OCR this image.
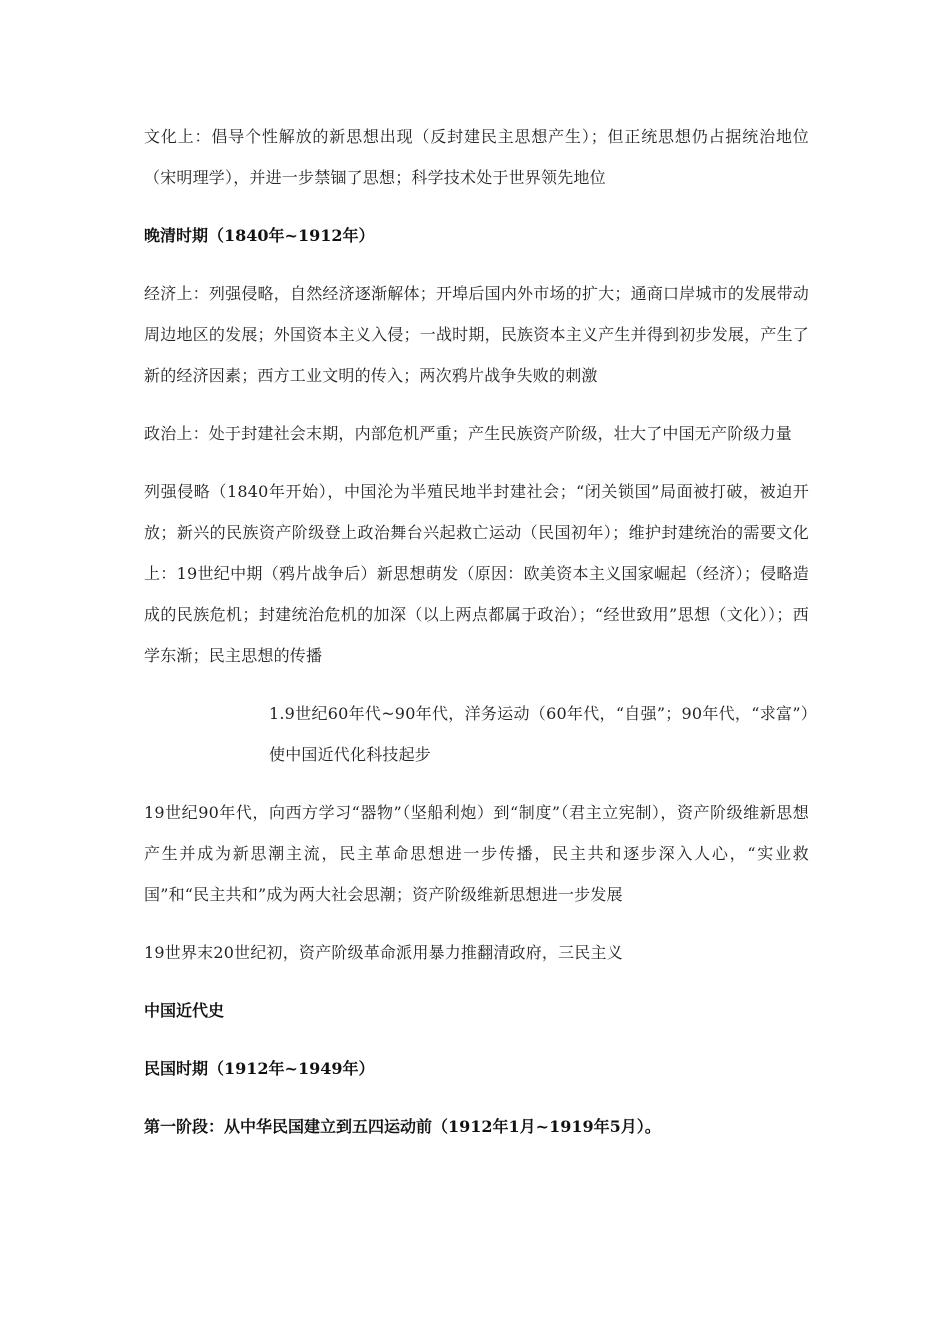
文化上：倡导个性解放的新思想出现（反封建民主思想产生）；但正统思想仍占据统治地位（宋明理学），并进一步禁锢了思想；科学技术处于世界领先地位

晚清时期（1840年~1912年）

经济上：列强侵略，自然经济逐渐解体；开埠后国内外市场的扩大；通商口岸城市的发展带动周边地区的发展；外国资本主义入侵；一战时期，民族资本主义产生并得到初步发展，产生了新的经济因素；西方工业文明的传入；两次鸦片战争失败的刺激

政治上：处于封建社会末期，内部危机严重；产生民族资产阶级，壮大了中国无产阶级力量

列强侵略（1840年开始），中国沦为半殖民地半封建社会；“闭关锁国”局面被打破，被迫开放；新兴的民族资产阶级登上政治舞台兴起救亡运动（民国初年）；维护封建统治的需要文化上：19世纪中期（鸦片战争后）新思想萌发（原因：欧美资本主义国家崛起（经济）；侵略造成的民族危机；封建统治危机的加深（以上两点都属于政治）；“经世致用”思想（文化））；西学东渐；民主思想的传播

1.9世纪60年代~90年代，洋务运动（60年代，“自强”；90年代，“求富”）使中国近代化科技起步

19世纪90年代，向西方学习“器物”（坚船利炮）到“制度”（君主立宪制），资产阶级维新思想产生并成为新思潮主流，民主革命思想进一步传播，民主共和逐步深入人心，“实业救国”和“民主共和”成为两大社会思潮；资产阶级维新思想进一步发展

19世界末20世纪初，资产阶级革命派用暴力推翻清政府，三民主义

中国近代史

民国时期（1912年~1949年）

第一阶段：从中华民国建立到五四运动前（1912年1月~1919年5月）。
